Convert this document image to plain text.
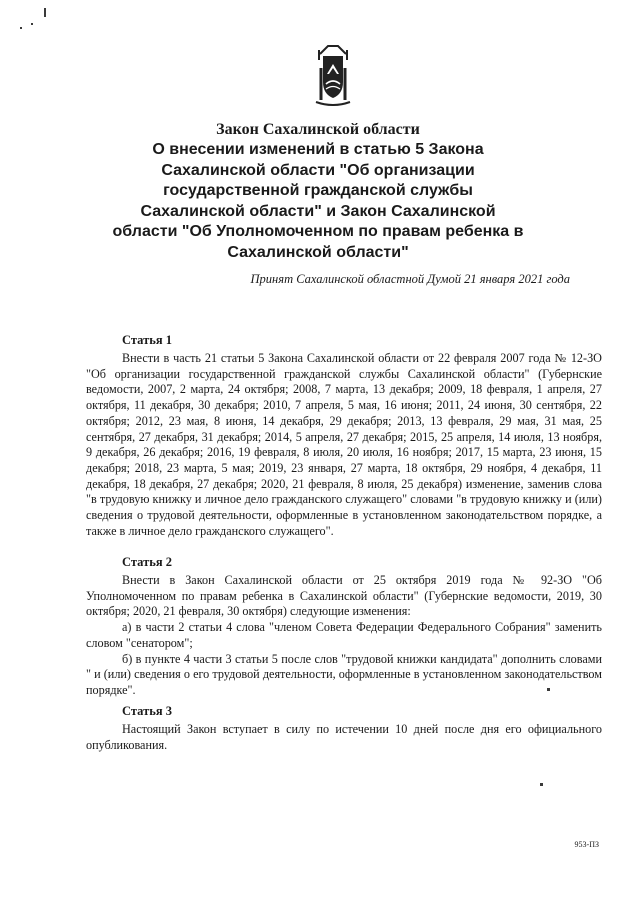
Закон Сахалинской области

О внесении изменений в статью 5 Закона Сахалинской области "Об организации государственной гражданской службы Сахалинской области" и Закон Сахалинской области "Об Уполномоченном по правам ребенка в Сахалинской области"

Принят Сахалинской областной Думой 21 января 2021 года

Статья 1

Внести в часть 21 статьи 5 Закона Сахалинской области от 22 февраля 2007 года № 12-ЗО "Об организации государственной гражданской службы Сахалинской области" (Губернские ведомости, 2007, 2 марта, 24 октября; 2008, 7 марта, 13 декабря; 2009, 18 февраля, 1 апреля, 27 октября, 11 декабря, 30 декабря; 2010, 7 апреля, 5 мая, 16 июня; 2011, 24 июня, 30 сентября, 22 октября; 2012, 23 мая, 8 июня, 14 декабря, 29 декабря; 2013, 13 февраля, 29 мая, 31 мая, 25 сентября, 27 декабря, 31 декабря; 2014, 5 апреля, 27 декабря; 2015, 25 апреля, 14 июля, 13 ноября, 9 декабря, 26 декабря; 2016, 19 февраля, 8 июля, 20 июля, 16 ноября; 2017, 15 марта, 23 июня, 15 декабря; 2018, 23 марта, 5 мая; 2019, 23 января, 27 марта, 18 октября, 29 ноября, 4 декабря, 11 декабря, 18 декабря, 27 декабря; 2020, 21 февраля, 8 июля, 25 декабря) изменение, заменив слова "в трудовую книжку и личное дело гражданского служащего" словами "в трудовую книжку и (или) сведения о трудовой деятельности, оформленные в установленном законодательством порядке, а также в личное дело гражданского служащего".

Статья 2

Внести в Закон Сахалинской области от 25 октября 2019 года № 92-ЗО "Об Уполномоченном по правам ребенка в Сахалинской области" (Губернские ведомости, 2019, 30 октября; 2020, 21 февраля, 30 октября) следующие изменения:

а) в части 2 статьи 4 слова "членом Совета Федерации Федерального Собрания" заменить словом "сенатором";

б) в пункте 4 части 3 статьи 5 после слов "трудовой книжки кандидата" дополнить словами " и (или) сведения о его трудовой деятельности, оформленные в установленном законодательством порядке".

Статья 3

Настоящий Закон вступает в силу по истечении 10 дней после дня его официального опубликования.

953-ПЗ
